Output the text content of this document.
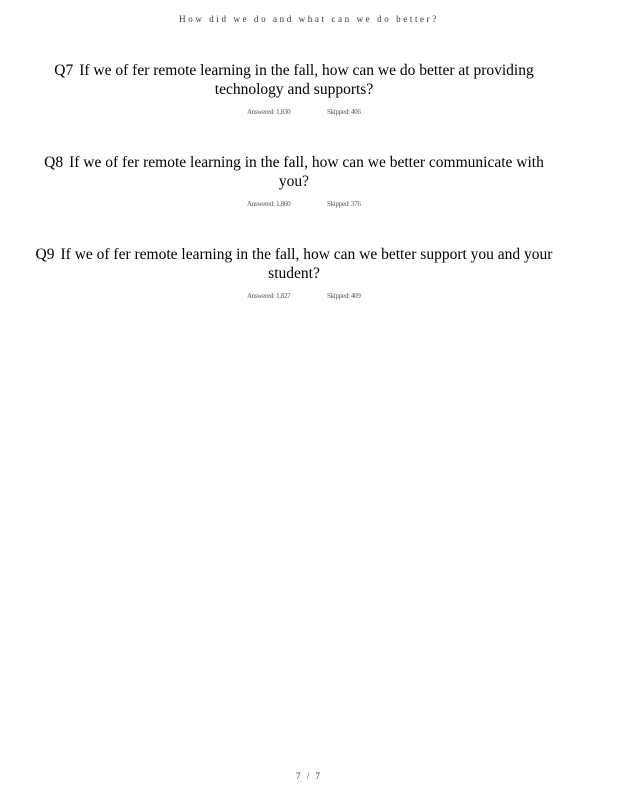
How did we do and what can we do better?
Q7 If we of fer remote learning in the fall, how can we do better at providing technology and supports?
Answered: 1,830	Skipped: 406
Q8 If we of fer remote learning in the fall, how can we better communicate with you?
Answered: 1,860	Skipped: 376
Q9 If we of fer remote learning in the fall, how can we better support you and your student?
Answered: 1,827	Skipped: 409
7 / 7
